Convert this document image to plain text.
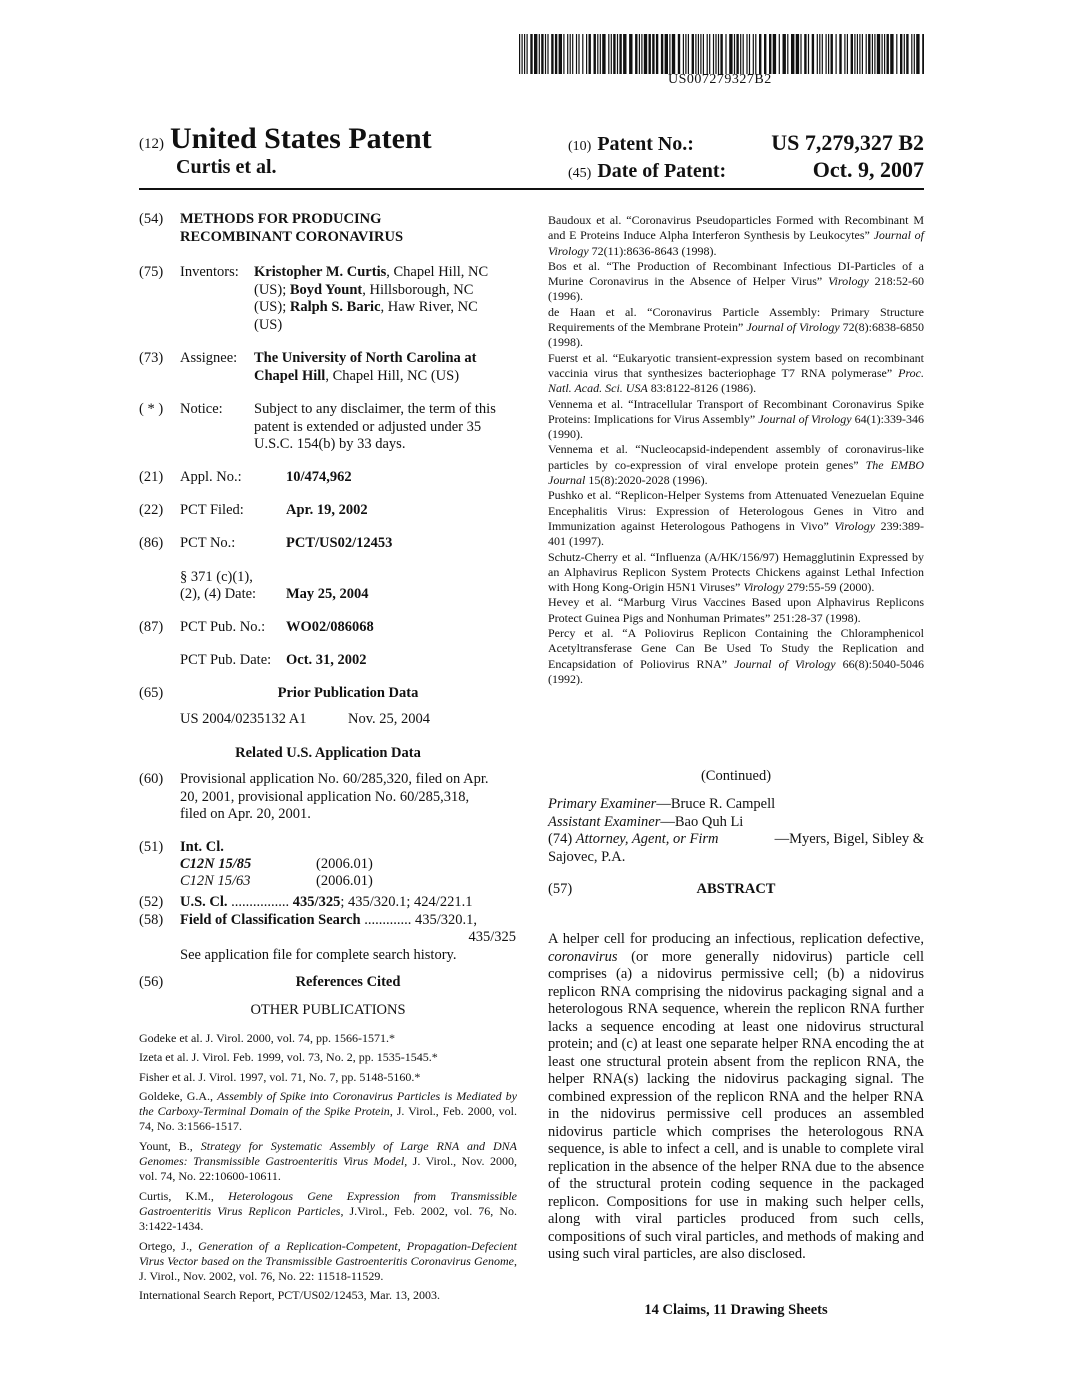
US007279327B2
(12) United States Patent
Curtis et al.
(10) Patent No.:	US 7,279,327 B2
(45) Date of Patent:	Oct. 9, 2007
(54) METHODS FOR PRODUCING
RECOMBINANT CORONAVIRUS
(75) Inventors: Kristopher M. Curtis, Chapel Hill, NC
(US); Boyd Yount, Hillsborough, NC
(US); Ralph S. Baric, Haw River, NC
(US)
(73) Assignee: The University of North Carolina at
Chapel Hill, Chapel Hill, NC (US)
( * ) Notice: Subject to any disclaimer, the term of this
patent is extended or adjusted under 35
U.S.C. 154(b) by 33 days.
(21) Appl. No.:	10/474,962
(22) PCT Filed:	Apr. 19, 2002
(86) PCT No.:	PCT/US02/12453
§ 371 (c)(1),
(2), (4) Date: May 25, 2004
(87) PCT Pub. No.: WO02/086068
PCT Pub. Date: Oct. 31, 2002
(65)	Prior Publication Data
US 2004/0235132 A1	Nov. 25, 2004
Related U.S. Application Data
(60) Provisional application No. 60/285,320, filed on Apr.
20, 2001, provisional application No. 60/285,318,
filed on Apr. 20, 2001.
(51) Int. Cl.
C12N 15/85	(2006.01)
C12N 15/63	(2006.01)
(52) U.S. Cl. ................ 435/325; 435/320.1; 424/221.1
(58) Field of Classification Search ............. 435/320.1,
435/325
See application file for complete search history.
(56)	References Cited
OTHER PUBLICATIONS
Godeke et al. J. Virol. 2000, vol. 74, pp. 1566-1571.*
Izeta et al. J. Virol. Feb. 1999, vol. 73, No. 2, pp. 1535-1545.*
Fisher et al. J. Virol. 1997, vol. 71, No. 7, pp. 5148-5160.*
Goldeke, G.A., Assembly of Spike into Coronavirus Particles is Mediated by the Carboxy-Terminal Domain of the Spike Protein, J. Virol., Feb. 2000, vol. 74, No. 3:1566-1517.
Yount, B., Strategy for Systematic Assembly of Large RNA and DNA Genomes: Transmissible Gastroenteritis Virus Model, J. Virol., Nov. 2000, vol. 74, No. 22:10600-10611.
Curtis, K.M., Heterologous Gene Expression from Transmissible Gastroenteritis Virus Replicon Particles, J.Virol., Feb. 2002, vol. 76, No. 3:1422-1434.
Ortego, J., Generation of a Replication-Competent, Propagation-Defecient Virus Vector based on the Transmissible Gastroenteritis Coronavirus Genome, J. Virol., Nov. 2002, vol. 76, No. 22: 11518-11529.
International Search Report, PCT/US02/12453, Mar. 13, 2003.
Baudoux et al. “Coronavirus Pseudoparticles Formed with Recombinant M and E Proteins Induce Alpha Interferon Synthesis by Leukocytes” Journal of Virology 72(11):8636-8643 (1998).
Bos et al. “The Production of Recombinant Infectious DI-Particles of a Murine Coronavirus in the Absence of Helper Virus” Virology 218:52-60 (1996).
de Haan et al. “Coronavirus Particle Assembly: Primary Structure Requirements of the Membrane Protein” Journal of Virology 72(8):6838-6850 (1998).
Fuerst et al. “Eukaryotic transient-expression system based on recombinant vaccinia virus that synthesizes bacteriophage T7 RNA polymerase” Proc. Natl. Acad. Sci. USA 83:8122-8126 (1986).
Vennema et al. “Intracellular Transport of Recombinant Coronavirus Spike Proteins: Implications for Virus Assembly” Journal of Virology 64(1):339-346 (1990).
Vennema et al. “Nucleocapsid-independent assembly of coronavirus-like particles by co-expression of viral envelope protein genes” The EMBO Journal 15(8):2020-2028 (1996).
Pushko et al. “Replicon-Helper Systems from Attenuated Venezuelan Equine Encephalitis Virus: Expression of Heterologous Genes in Vitro and Immunization against Heterologous Pathogens in Vivo” Virology 239:389-401 (1997).
Schutz-Cherry et al. “Influenza (A/HK/156/97) Hemagglutinin Expressed by an Alphavirus Replicon System Protects Chickens against Lethal Infection with Hong Kong-Origin H5N1 Viruses” Virology 279:55-59 (2000).
Hevey et al. “Marburg Virus Vaccines Based upon Alphavirus Replicons Protect Guinea Pigs and Nonhuman Primates” 251:28-37 (1998).
Percy et al. “A Poliovirus Replicon Containing the Chloramphenicol Acetyltransferase Gene Can Be Used To Study the Replication and Encapsidation of Poliovirus RNA” Journal of Virology 66(8):5040-5046 (1992).
(Continued)
Primary Examiner—Bruce R. Campell
Assistant Examiner—Bao Quh Li
(74) Attorney, Agent, or Firm	—Myers, Bigel, Sibley &
Sajovec, P.A.
(57)	ABSTRACT
A helper cell for producing an infectious, replication defective, coronavirus (or more generally nidovirus) particle cell comprises (a) a nidovirus permissive cell; (b) a nidovirus replicon RNA comprising the nidovirus packaging signal and a heterologous RNA sequence, wherein the replicon RNA further lacks a sequence encoding at least one nidovirus structural protein; and (c) at least one separate helper RNA encoding the at least one structural protein absent from the replicon RNA, the helper RNA(s) lacking the nidovirus packaging signal. The combined expression of the replicon RNA and the helper RNA in the nidovirus permissive cell produces an assembled nidovirus particle which comprises the heterologous RNA sequence, is able to infect a cell, and is unable to complete viral replication in the absence of the helper RNA due to the absence of the structural protein coding sequence in the packaged replicon. Compositions for use in making such helper cells, along with viral particles produced from such cells, compositions of such viral particles, and methods of making and using such viral particles, are also disclosed.
14 Claims, 11 Drawing Sheets
